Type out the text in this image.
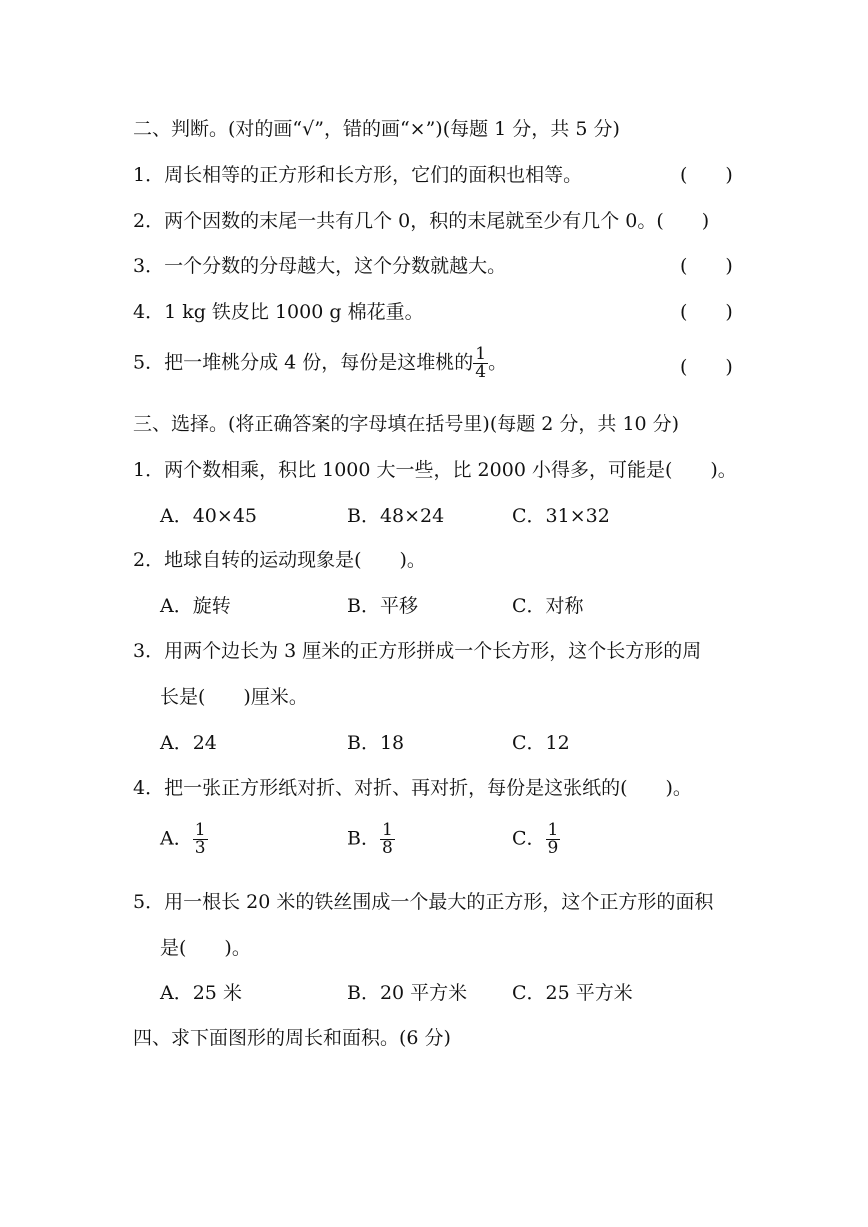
二、判断。(对的画“√”，错的画“×”)(每题 1 分，共 5 分)
1．周长相等的正方形和长方形，它们的面积也相等。	(　　)
2．两个因数的末尾一共有几个 0，积的末尾就至少有几个 0。(　　)
3．一个分数的分母越大，这个分数就越大。	(　　)
4．1 kg 铁皮比 1000 g 棉花重。	(　　)
5．把一堆桃分成 4 份，每份是这堆桃的 $\frac{1}{4}$ 。	(　　)
三、选择。(将正确答案的字母填在括号里)(每题 2 分，共 10 分)
1．两个数相乘，积比 1000 大一些，比 2000 小得多，可能是(　　)。
A．40×45	B．48×24	C．31×32
2．地球自转的运动现象是(　　)。
A．旋转	B．平移	C．对称
3．用两个边长为 3 厘米的正方形拼成一个长方形，这个长方形的周
长是(　　)厘米。
A．24	B．18	C．12
4．把一张正方形纸对折、对折、再对折，每份是这张纸的(　　)。
A． $\frac{1}{3}$	B． $\frac{1}{8}$	C． $\frac{1}{9}$
5．用一根长 20 米的铁丝围成一个最大的正方形，这个正方形的面积
是(　　)。
A．25 米	B．20 平方米 C．25 平方米
四、求下面图形的周长和面积。(6 分)
